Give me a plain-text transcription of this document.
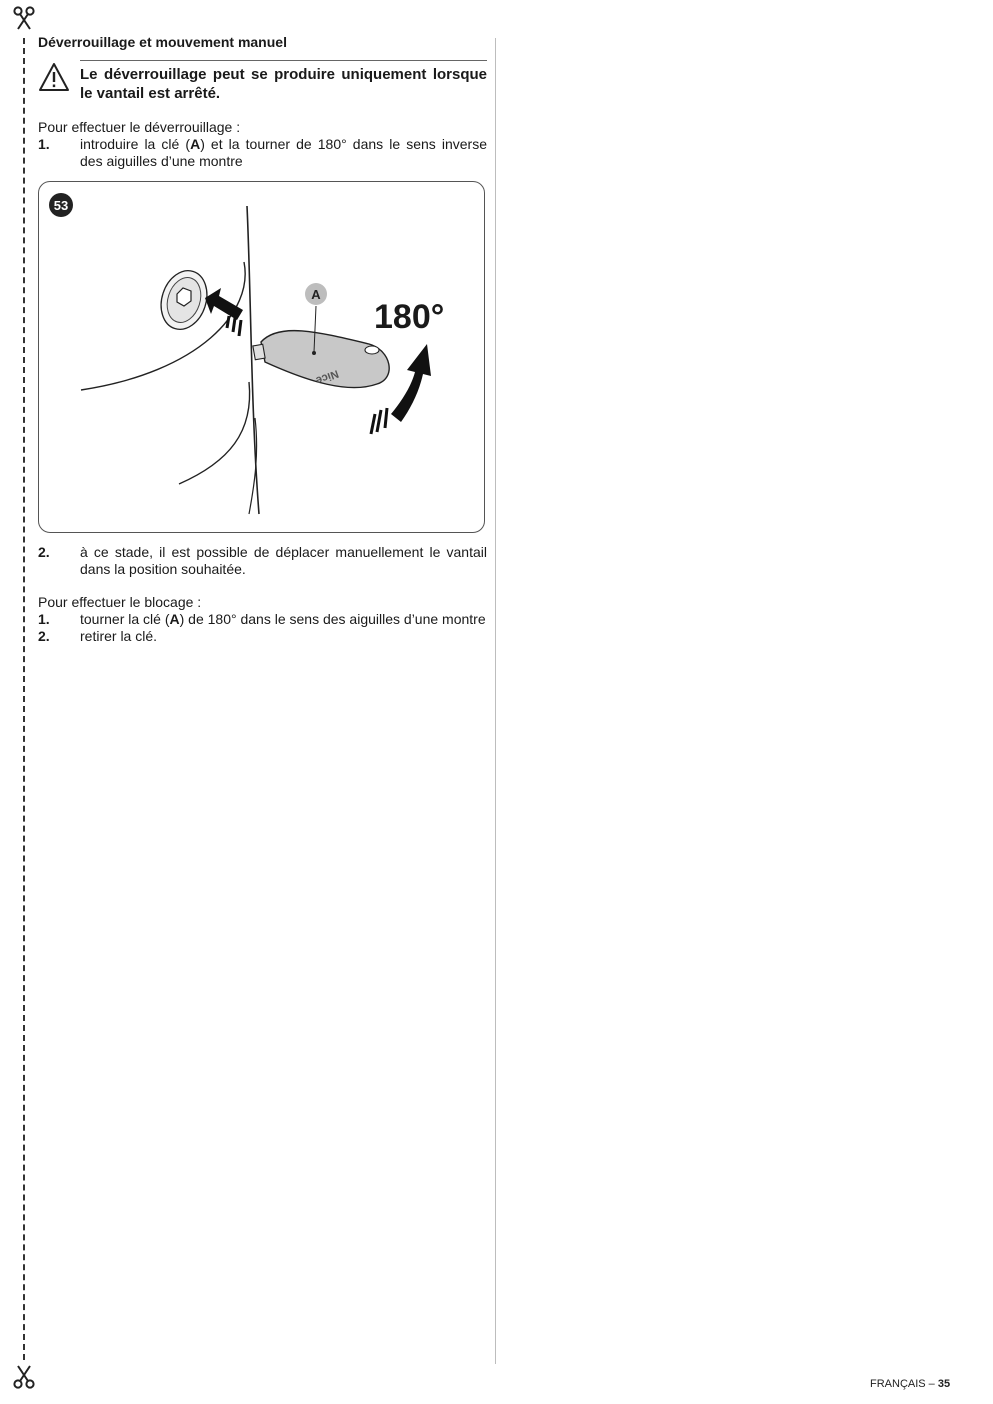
Déverrouillage et mouvement manuel
Le déverrouillage peut se produire uniquement lorsque le vantail est arrêté.

Pour effectuer le déverrouillage :

1.	introduire la clé (A) et la tourner de 180° dans le sens inverse des aiguilles d’une montre
Nice
53
A
180°
2.	à ce stade, il est possible de déplacer manuellement le vantail dans la position souhaitée.

Pour effectuer le blocage :

1.	tourner la clé (A) de 180° dans le sens des aiguilles d’une montre
2.	retirer la clé.
FRANÇAIS – 35
